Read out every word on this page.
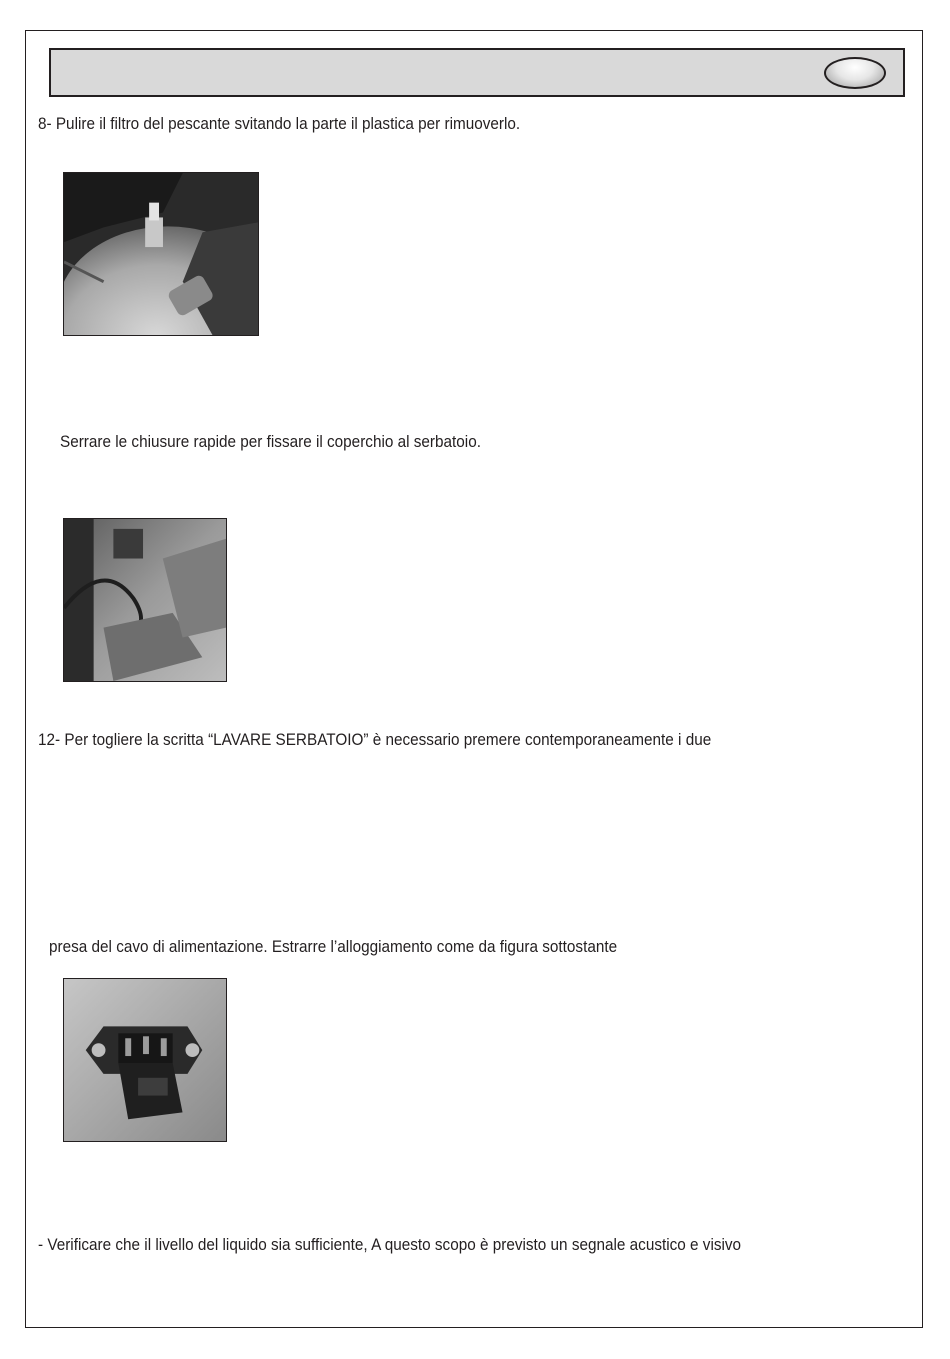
8- Pulire il filtro del pescante svitando la parte il plastica per rimuoverlo.
Serrare le chiusure rapide per fissare il coperchio al serbatoio.
12- Per togliere la scritta “LAVARE SERBATOIO” è necessario premere contemporaneamente i due
presa del cavo di alimentazione. Estrarre l’alloggiamento come da figura sottostante
- Verificare che il livello del liquido sia sufficiente, A questo scopo è previsto un segnale acustico e visivo
